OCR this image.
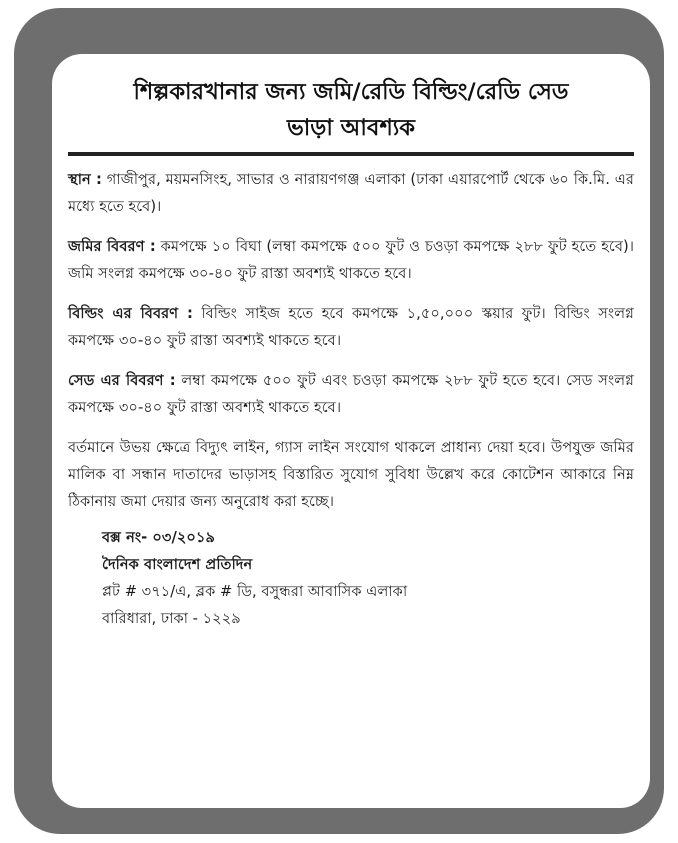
শিল্পকারখানার জন্য জমি/রেডি বিল্ডিং/রেডি সেড
ভাড়া আবশ্যক

স্থান : গাজীপুর, ময়মনসিংহ, সাভার ও নারায়ণগঞ্জ এলাকা (ঢাকা এয়ারপোর্ট থেকে ৬০ কি.মি. এর মধ্যে হতে হবে)।

জমির বিবরণ : কমপক্ষে ১০ বিঘা (লম্বা কমপক্ষে ৫০০ ফুট ও চওড়া কমপক্ষে ২৮৮ ফুট হতে হবে)। জমি সংলগ্ন কমপক্ষে ৩০-৪০ ফুট রাস্তা অবশ্যই থাকতে হবে।

বিল্ডিং এর বিবরণ : বিল্ডিং সাইজ হতে হবে কমপক্ষে ১,৫০,০০০ স্কয়ার ফুট। বিল্ডিং সংলগ্ন কমপক্ষে ৩০-৪০ ফুট রাস্তা অবশ্যই থাকতে হবে।

সেড এর বিবরণ : লম্বা কমপক্ষে ৫০০ ফুট এবং চওড়া কমপক্ষে ২৮৮ ফুট হতে হবে। সেড সংলগ্ন কমপক্ষে ৩০-৪০ ফুট রাস্তা অবশ্যই থাকতে হবে।

বর্তমানে উভয় ক্ষেত্রে বিদ্যুৎ লাইন, গ্যাস লাইন সংযোগ থাকলে প্রাধান্য দেয়া হবে। উপযুক্ত জমির মালিক বা সন্ধান দাতাদের ভাড়াসহ বিস্তারিত সুযোগ সুবিধা উল্লেখ করে কোটেশন আকারে নিম্ন ঠিকানায় জমা দেয়ার জন্য অনুরোধ করা হচ্ছে।

বক্স নং- ০৩/২০১৯
দৈনিক বাংলাদেশ প্রতিদিন
প্লট # ৩৭১/এ, ব্লক # ডি, বসুন্ধরা আবাসিক এলাকা
বারিধারা, ঢাকা - ১২২৯
